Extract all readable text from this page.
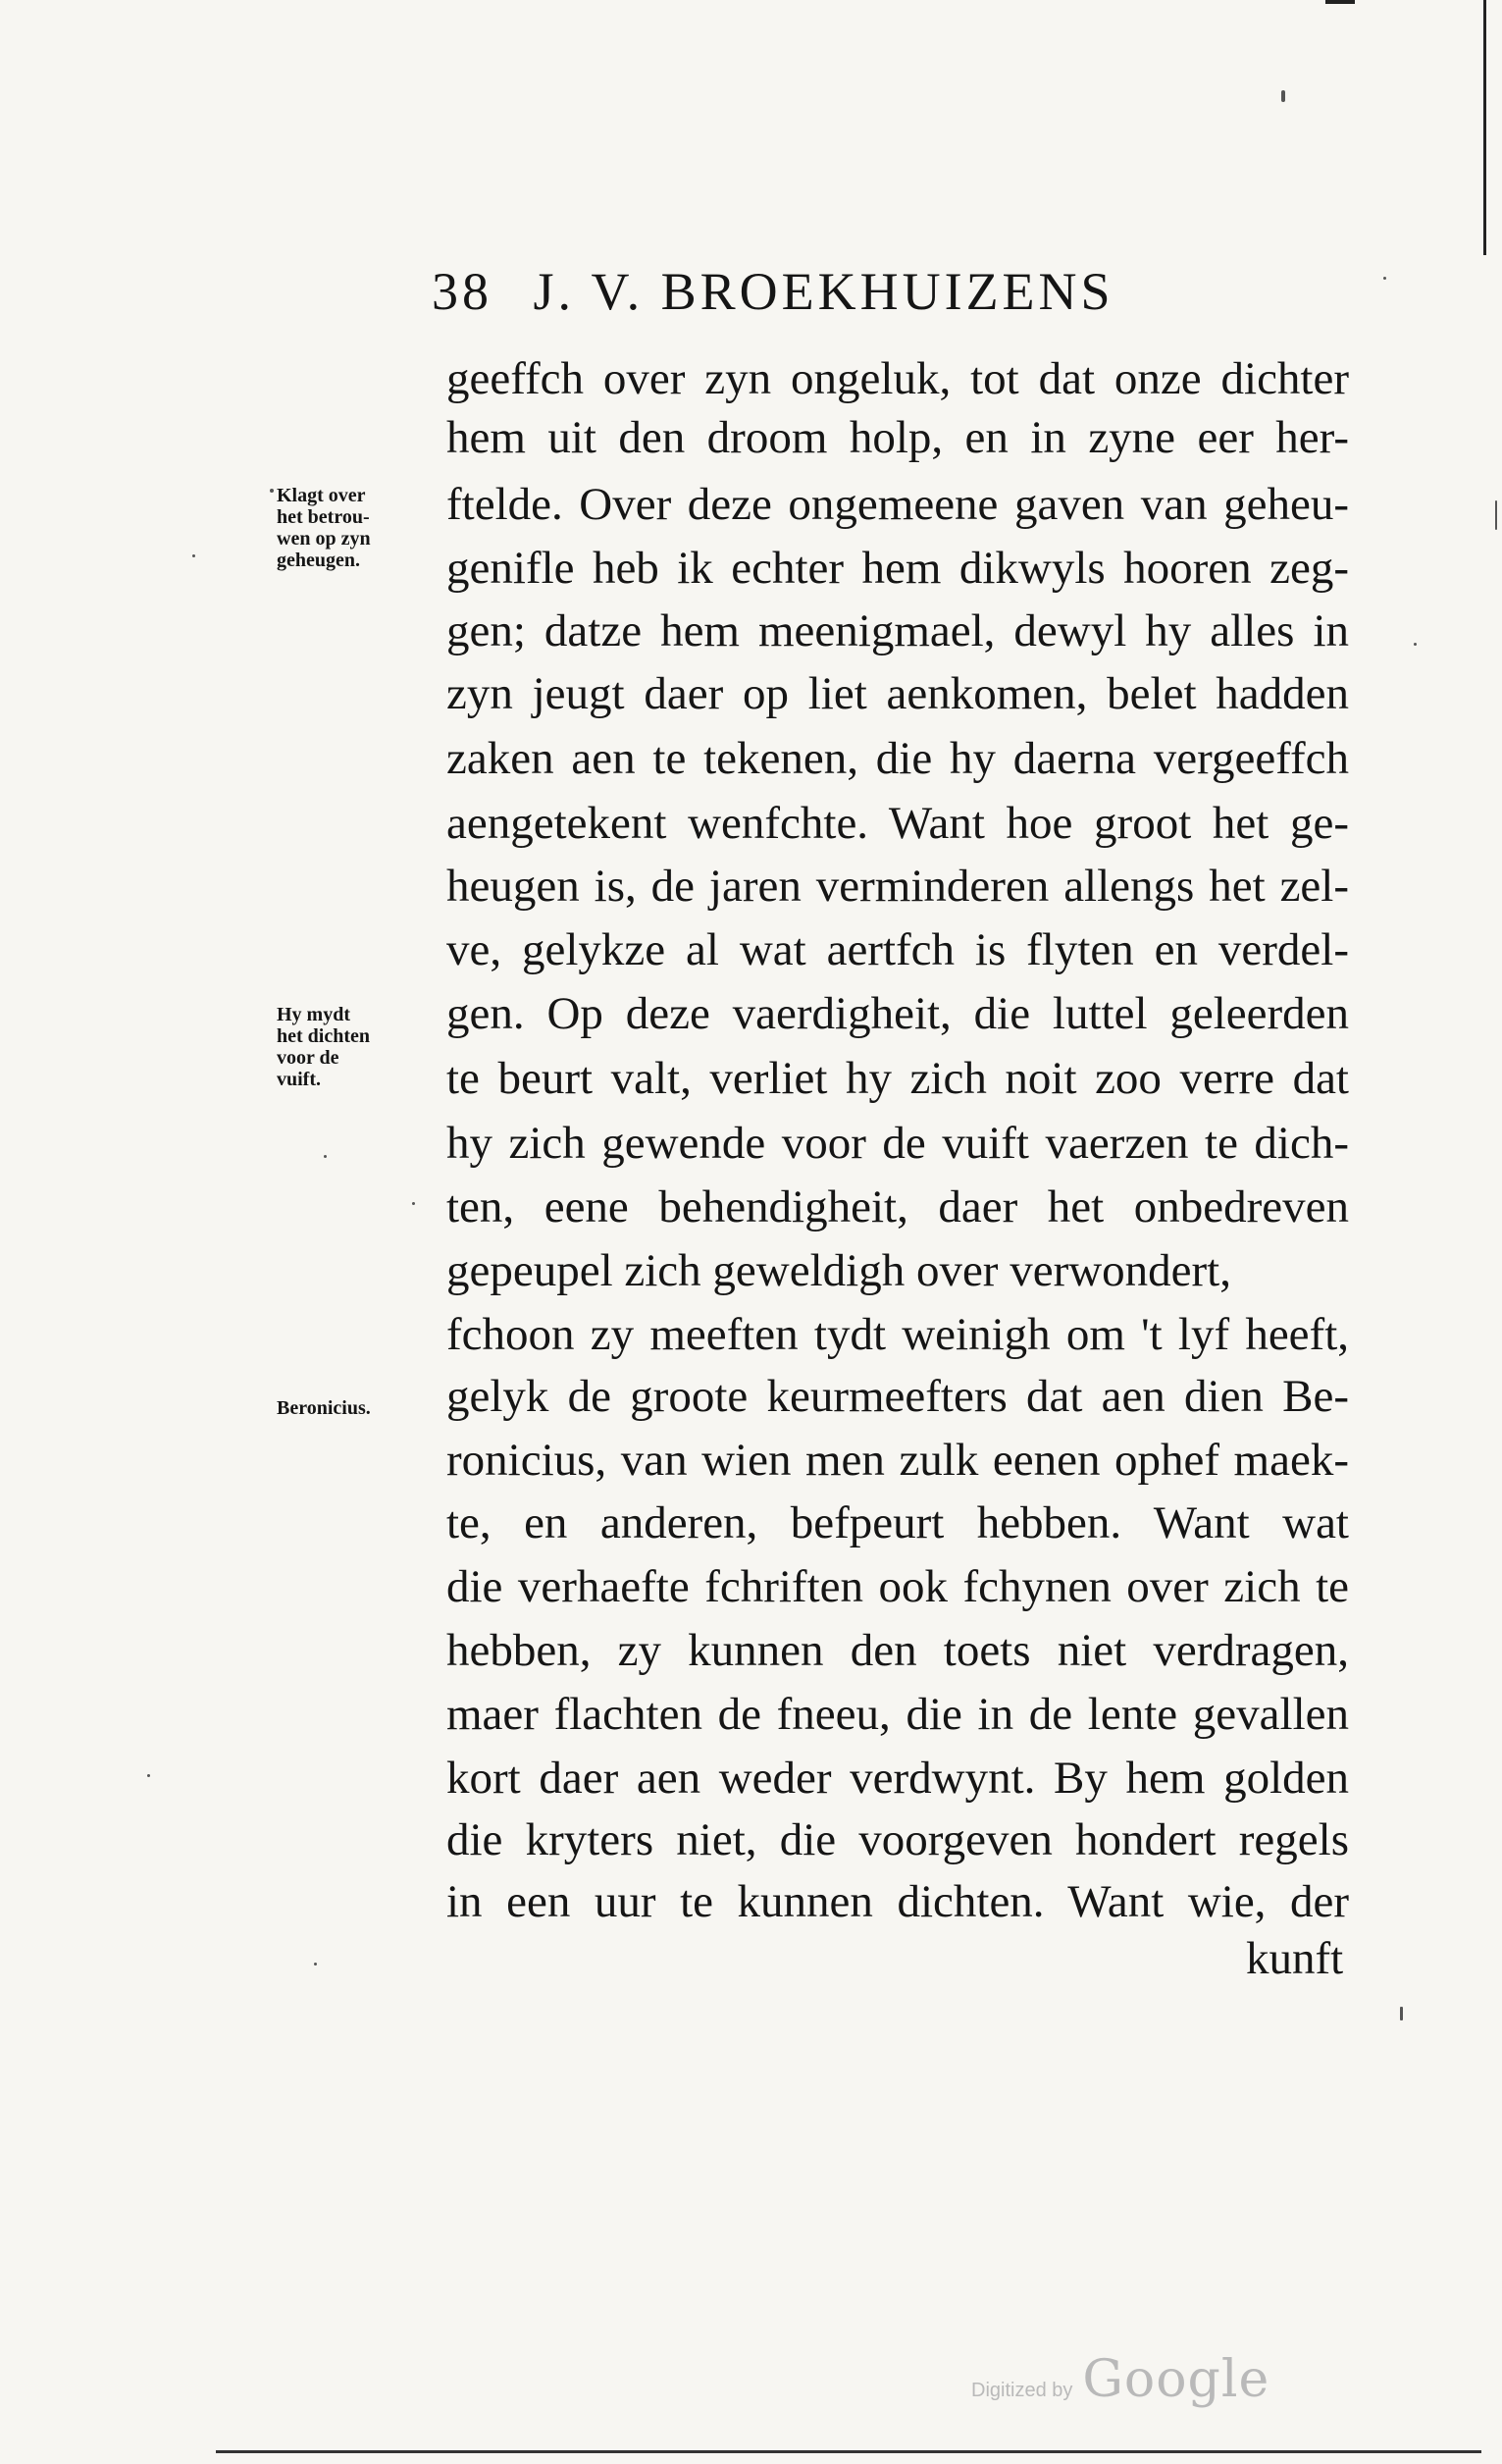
38 J. V. BROEKHUIZENS
geeffch over zyn ongeluk, tot dat onze dichter
hem uit den droom holp, en in zyne eer her-
ftelde. Over deze ongemeene gaven van geheu-
genifle heb ik echter hem dikwyls hooren zeg-
gen; datze hem meenigmael, dewyl hy alles in
zyn jeugt daer op liet aenkomen, belet hadden
zaken aen te tekenen, die hy daerna vergeeffch
aengetekent wenfchte. Want hoe groot het ge-
heugen is, de jaren verminderen allengs het zel-
ve, gelykze al wat aertfch is flyten en verdel-
gen. Op deze vaerdigheit, die luttel geleerden
te beurt valt, verliet hy zich noit zoo verre dat
hy zich gewende voor de vuift vaerzen te dich-
ten, eene behendigheit, daer het onbedreven
gepeupel zich geweldigh over verwondert,
fchoon zy meeften tydt weinigh om 't lyf heeft,
gelyk de groote keurmeefters dat aen dien Be-
ronicius, van wien men zulk eenen ophef maek-
te, en anderen, befpeurt hebben. Want wat
die verhaefte fchriften ook fchynen over zich te
hebben, zy kunnen den toets niet verdragen,
maer flachten de fneeu, die in de lente gevallen
kort daer aen weder verdwynt. By hem golden
die kryters niet, die voorgeven hondert regels
in een uur te kunnen dichten. Want wie, der
kunft
Klagt over
het betrou-
wen op zyn
geheugen.
Hy mydt
het dichten
voor de
vuift.
Beronicius.
Digitized by Google
